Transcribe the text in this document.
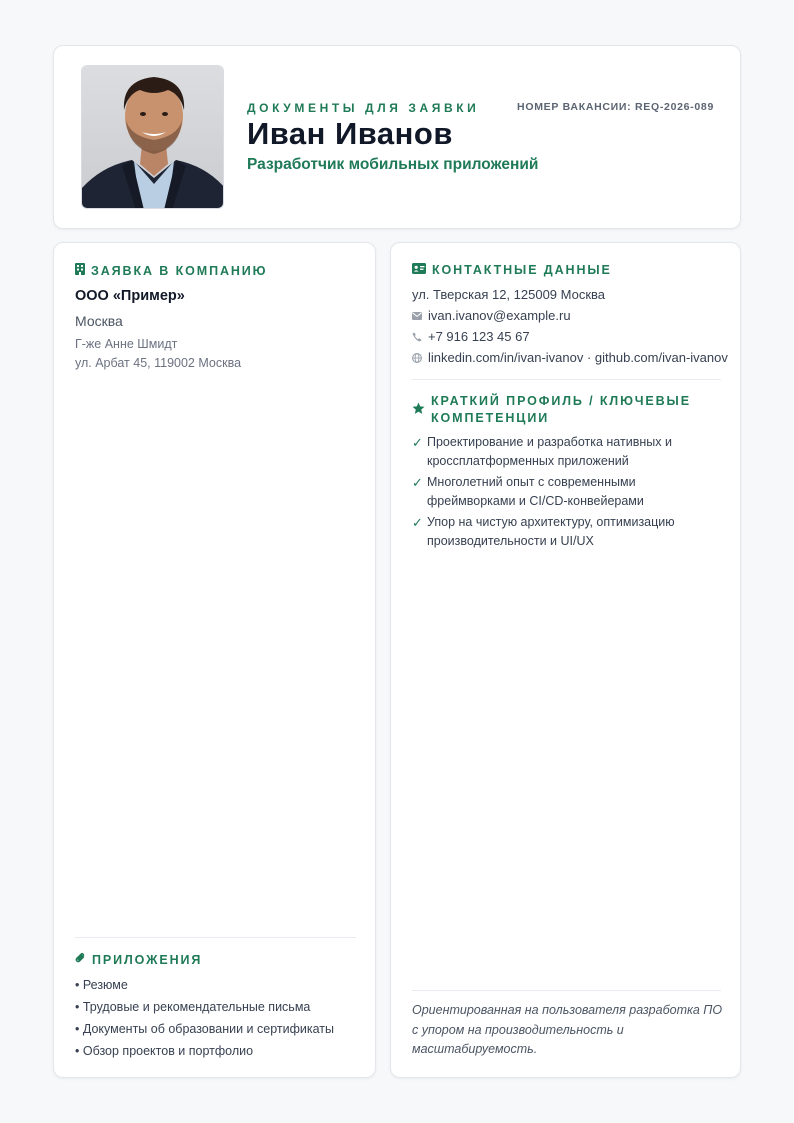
ДОКУМЕНТЫ ДЛЯ ЗАЯВКИ	НОМЕР ВАКАНСИИ: REQ-2026-089
Иван Иванов
Разработчик мобильных приложений
ЗАЯВКА В КОМПАНИЮ
ООО «Пример»
Москва
Г-же Анне Шмидт
ул. Арбат 45, 119002 Москва
ПРИЛОЖЕНИЯ
• Резюме
• Трудовые и рекомендательные письма
• Документы об образовании и сертификаты
• Обзор проектов и портфолио
КОНТАКТНЫЕ ДАННЫЕ
ул. Тверская 12, 125009 Москва
ivan.ivanov@example.ru
+7 916 123 45 67
linkedin.com/in/ivan-ivanov · github.com/ivan-ivanov
КРАТКИЙ ПРОФИЛЬ / КЛЮЧЕВЫЕ
КОМПЕТЕНЦИИ
✓ Проектирование и разработка нативных и кроссплатформенных приложений
✓ Многолетний опыт с современными фреймворками и CI/CD-конвейерами
✓ Упор на чистую архитектуру, оптимизацию производительности и UI/UX
Ориентированная на пользователя разработка ПО с упором на производительность и масштабируемость.
